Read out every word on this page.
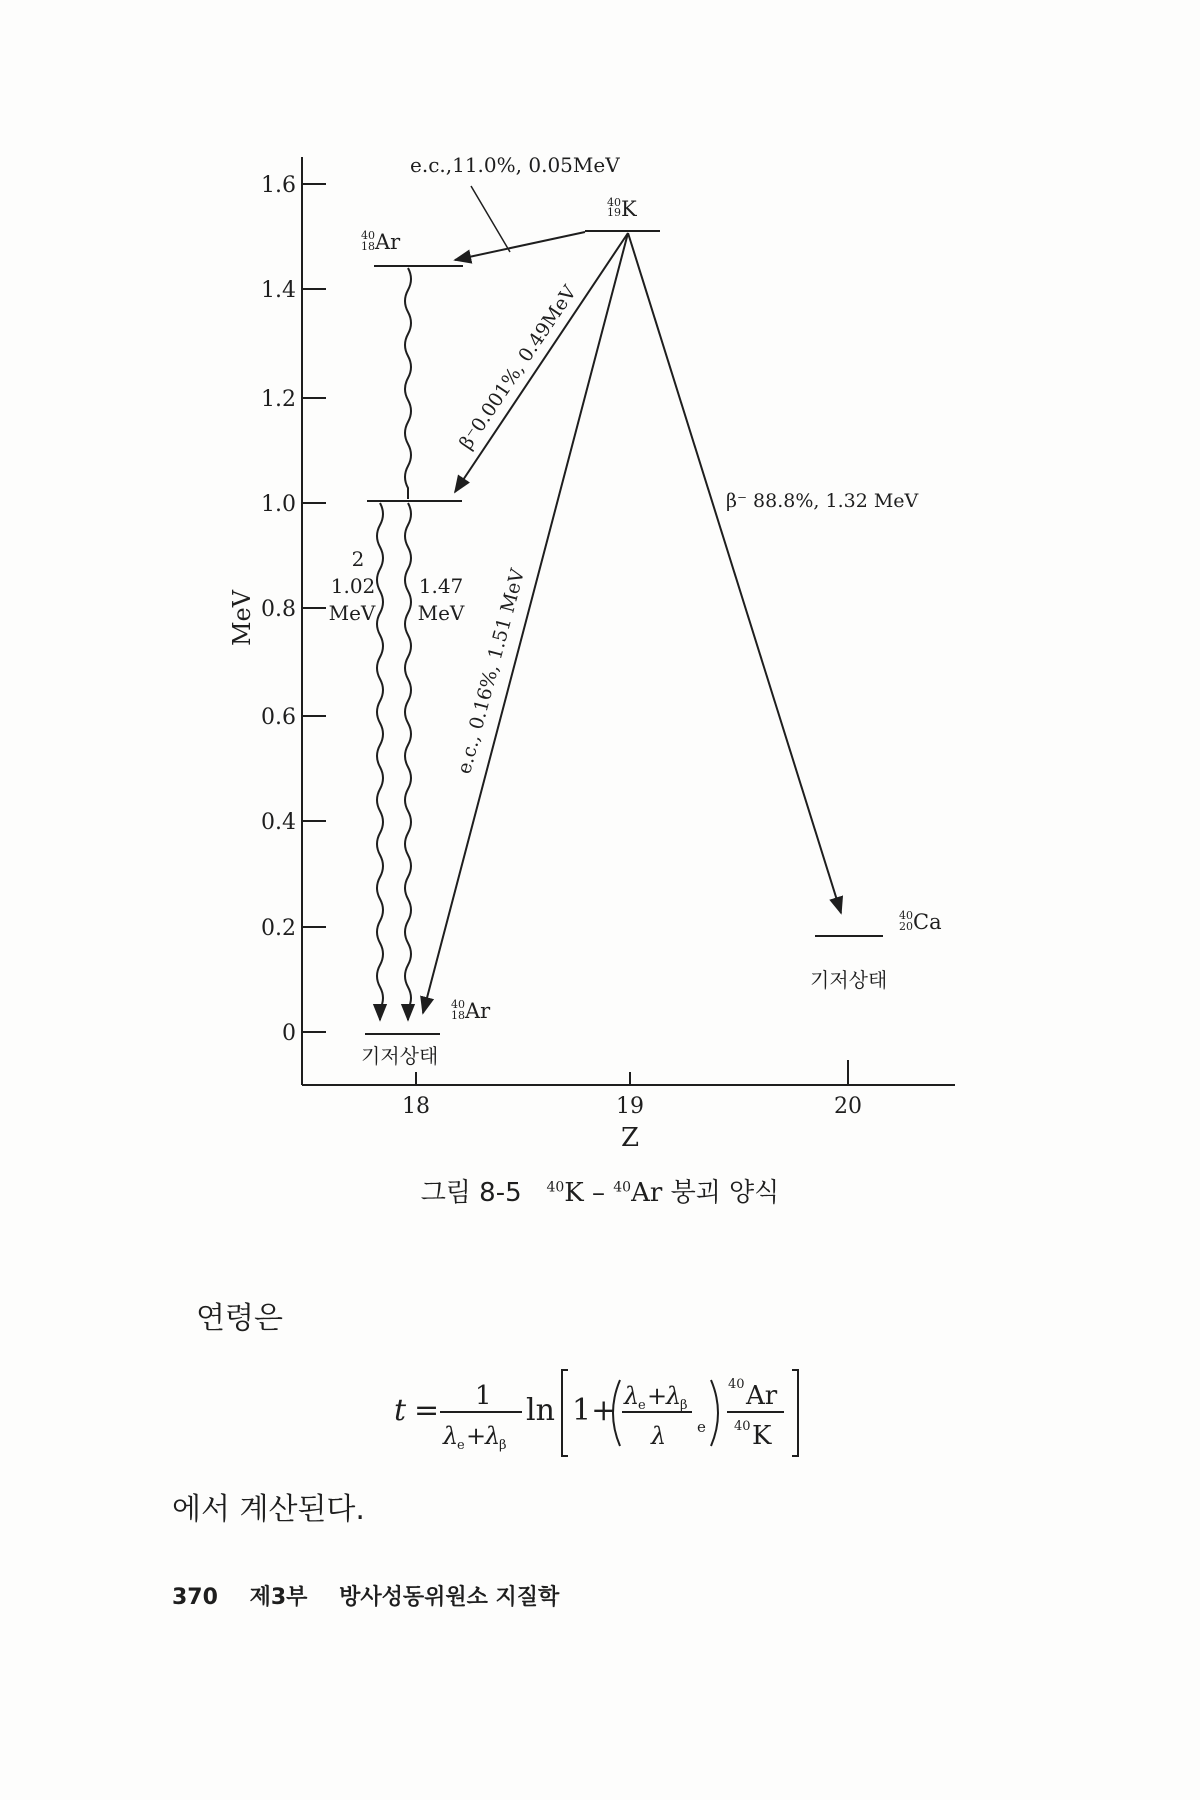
1.6
1.4
1.2
1.0
0.8
0.6
0.4
0.2
0
MeV
18	19	20
Z
e.c.,11.0%, 0.05MeV
β⁻0.001%, 0.49MeV
e.c., 0.16%, 1.51 MeV
β⁻ 88.8%, 1.32 MeV
2
1.02
MeV
1.47
MeV
40
19 K
40
18 Ar
40
18 Ar
40
20 Ca
기저상태
기저상태
그림 8-5 $^{40}$K – $^{40}$Ar 붕괴 양식
연령은
t = 1
λ
e +
λ
β
ln 1+ λ
e +
λ
β
λ e
40 Ar
40 K
에서 계산된다.
370 제3부 방사성동위원소 지질학
